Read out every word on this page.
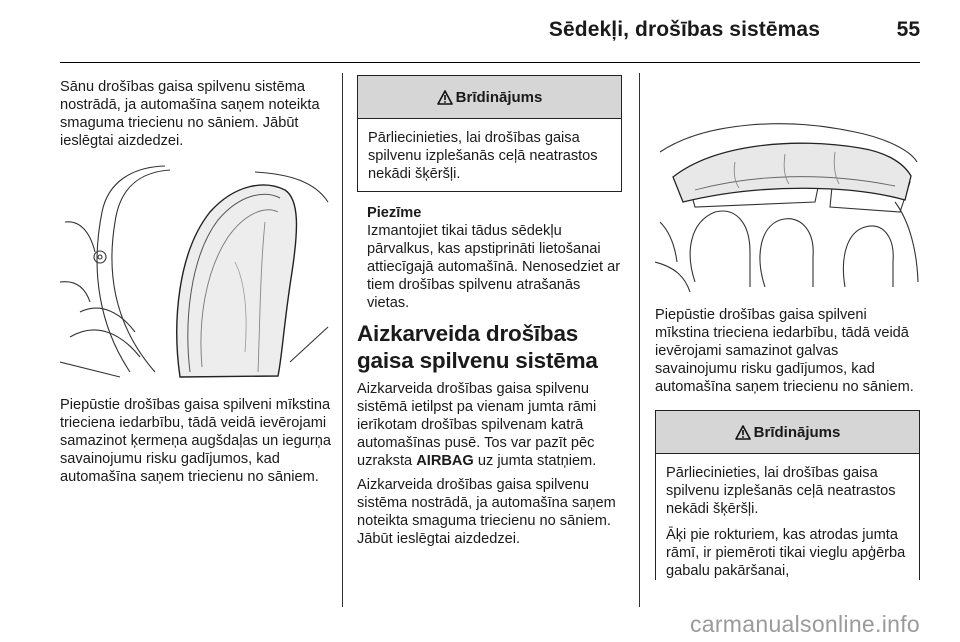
Sēdekļi, drošības sistēmas	55

Sānu drošības gaisa spilvenu sistēma nostrādā, ja automašīna saņem noteikta smaguma triecienu no sāniem. Jābūt ieslēgtai aizdedzei.

Piepūstie drošības gaisa spilveni mīkstina trieciena iedarbību, tādā veidā ievērojami samazinot ķermeņa augšdaļas un iegurņa savainojumu risku gadījumos, kad automašīna saņem triecienu no sāniem.

Brīdinājums

Pārliecinieties, lai drošības gaisa spilvenu izplešanās ceļā neatrastos nekādi šķēršļi.

Piezīme

Izmantojiet tikai tādus sēdekļu pārvalkus, kas apstiprināti lietošanai attiecīgajā automašīnā. Nenosedziet ar tiem drošības spilvenu atrašanās vietas.

Aizkarveida drošības gaisa spilvenu sistēma

Aizkarveida drošības gaisa spilvenu sistēmā ietilpst pa vienam jumta rāmi ierīkotam drošības spilvenam katrā automašīnas pusē. Tos var pazīt pēc uzraksta AIRBAG uz jumta statņiem.

Aizkarveida drošības gaisa spilvenu sistēma nostrādā, ja automašīna saņem noteikta smaguma triecienu no sāniem. Jābūt ieslēgtai aizdedzei.

Piepūstie drošības gaisa spilveni mīkstina trieciena iedarbību, tādā veidā ievērojami samazinot galvas savainojumu risku gadījumos, kad automašīna saņem triecienu no sāniem.

Brīdinājums

Pārliecinieties, lai drošības gaisa spilvenu izplešanās ceļā neatrastos nekādi šķēršļi.

Āķi pie rokturiem, kas atrodas jumta rāmī, ir piemēroti tikai vieglu apģērba gabalu pakāršanai,

carmanualsonline.info
